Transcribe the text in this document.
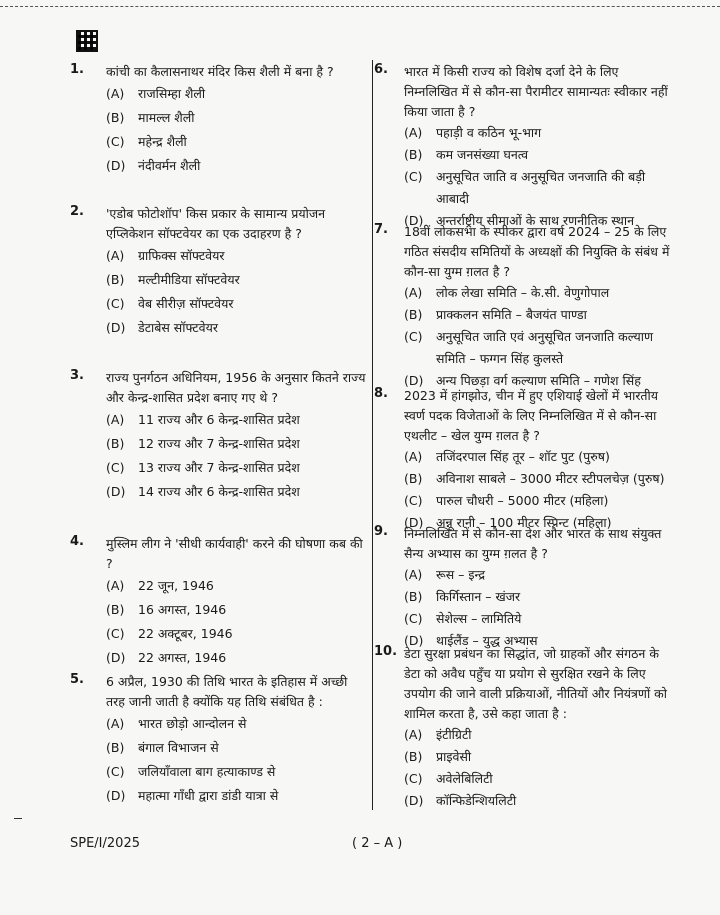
1. कांची का कैलासनाथर मंदिर किस शैली में बना है ?
(A)	राजसिम्हा शैली
(B)	मामल्ल शैली
(C)	महेन्द्र शैली
(D)	नंदीवर्मन शैली
2. 'एडोब फोटोशॉप' किस प्रकार के सामान्य प्रयोजन एप्लिकेशन सॉफ्टवेयर का एक उदाहरण है ?
(A)	ग्राफिक्स सॉफ्टवेयर
(B)	मल्टीमीडिया सॉफ्टवेयर
(C)	वेब सीरीज़ सॉफ्टवेयर
(D)	डेटाबेस सॉफ्टवेयर
3. राज्य पुनर्गठन अधिनियम, 1956 के अनुसार कितने राज्य और केन्द्र-शासित प्रदेश बनाए गए थे ?
(A)	11 राज्य और 6 केन्द्र-शासित प्रदेश
(B)	12 राज्य और 7 केन्द्र-शासित प्रदेश
(C)	13 राज्य और 7 केन्द्र-शासित प्रदेश
(D)	14 राज्य और 6 केन्द्र-शासित प्रदेश
4. मुस्लिम लीग ने 'सीधी कार्यवाही' करने की घोषणा कब की ?
(A)	22 जून, 1946
(B)	16 अगस्त, 1946
(C)	22 अक्टूबर, 1946
(D)	22 अगस्त, 1946
5. 6 अप्रैल, 1930 की तिथि भारत के इतिहास में अच्छी तरह जानी जाती है क्योंकि यह तिथि संबंधित है :
(A)	भारत छोड़ो आन्दोलन से
(B)	बंगाल विभाजन से
(C)	जलियाँवाला बाग हत्याकाण्ड से
(D)	महात्मा गाँधी द्वारा डांडी यात्रा से
6. भारत में किसी राज्य को विशेष दर्जा देने के लिए निम्नलिखित में से कौन-सा पैरामीटर सामान्यतः स्वीकार नहीं किया जाता है ?
(A)	पहाड़ी व कठिन भू-भाग
(B)	कम जनसंख्या घनत्व
(C)	अनुसूचित जाति व अनुसूचित जनजाति की बड़ी आबादी
(D)	अन्तर्राष्ट्रीय सीमाओं के साथ रणनीतिक स्थान
7. 18वीं लोकसभा के स्पीकर द्वारा वर्ष 2024 – 25 के लिए गठित संसदीय समितियों के अध्यक्षों की नियुक्ति के संबंध में कौन-सा युग्म ग़लत है ?
(A)	लोक लेखा समिति – के.सी. वेणुगोपाल
(B)	प्राक्कलन समिति – बैजयंत पाण्डा
(C)	अनुसूचित जाति एवं अनुसूचित जनजाति कल्याण समिति – फग्गन सिंह कुलस्ते
(D)	अन्य पिछड़ा वर्ग कल्याण समिति – गणेश सिंह
8. 2023 में हांगझोउ, चीन में हुए एशियाई खेलों में भारतीय स्वर्ण पदक विजेताओं के लिए निम्नलिखित में से कौन-सा एथलीट – खेल युग्म ग़लत है ?
(A)	तजिंदरपाल सिंह तूर – शॉट पुट (पुरुष)
(B)	अविनाश साबले – 3000 मीटर स्टीपलचेज़ (पुरुष)
(C)	पारुल चौधरी – 5000 मीटर (महिला)
(D)	अन्नू रानी – 100 मीटर स्प्रिन्ट (महिला)
9. निम्नलिखित में से कौन-सा देश और भारत के साथ संयुक्त सैन्य अभ्यास का युग्म ग़लत है ?
(A)	रूस – इन्द्र
(B)	किर्गिस्तान – खंजर
(C)	सेशेल्स – लामितिये
(D)	थाईलैंड – युद्ध अभ्यास
10. डेटा सुरक्षा प्रबंधन का सिद्धांत, जो ग्राहकों और संगठन के डेटा को अवैध पहुँच या प्रयोग से सुरक्षित रखने के लिए उपयोग की जाने वाली प्रक्रियाओं, नीतियों और नियंत्रणों को शामिल करता है, उसे कहा जाता है :
(A)	इंटीग्रिटी
(B)	प्राइवेसी
(C)	अवेलेबिलिटी
(D)	कॉन्फिडेन्शियलिटी
SPE/I/2025	( 2 – A )
